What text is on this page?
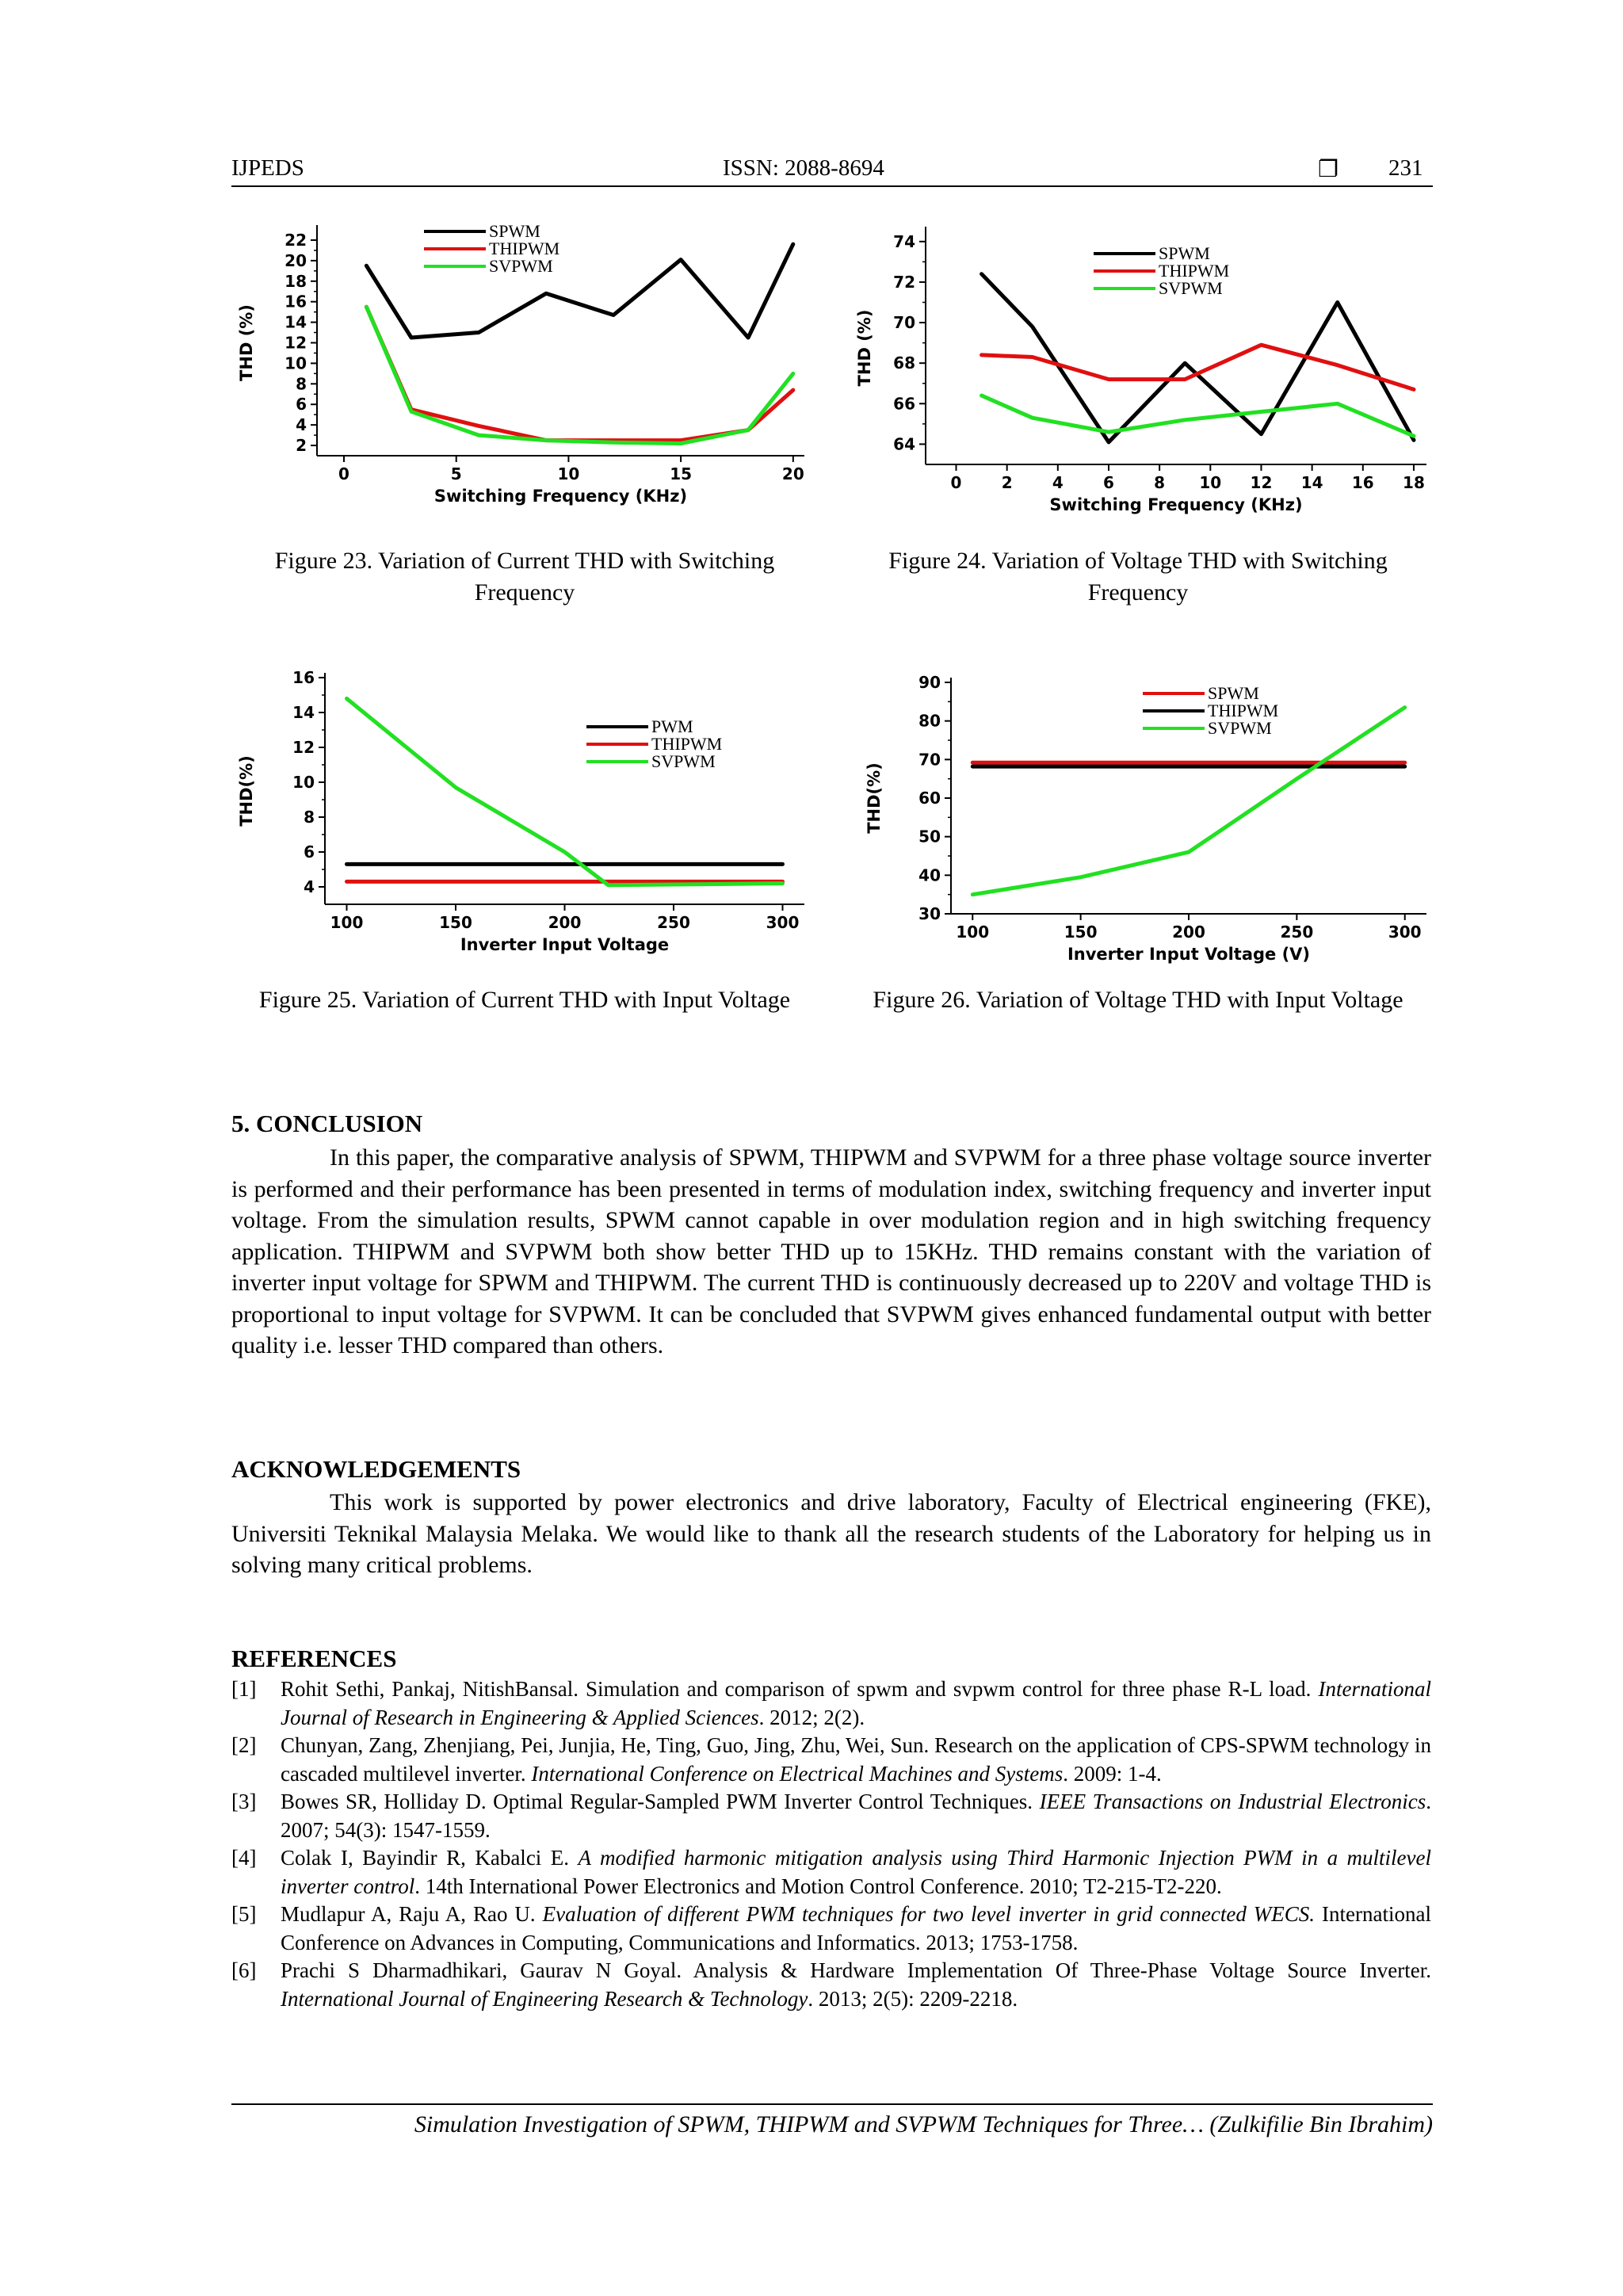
IJPEDS	ISSN: 2088-8694	❐ 231
2
4
6
8
10
12
14
16
18
20
22
0	5	10	15	20
Switching Frequency (KHz)
THD (%)
SPWM
THIPWM
SVPWM
64
66
68
70
72
74
0	2	4	6	8 10 12 14 16 18
Switching Frequency (KHz)
THD (%)
SPWM
THIPWM
SVPWM
4
6
8
10
12
14
16
100	150	200	250	300
Inverter Input Voltage
THD(%)
PWM
THIPWM
SVPWM
30
40
50
60
70
80
90
100	150	200	250	300
Inverter Input Voltage (V)
THD(%)
SPWM
THIPWM
SVPWM
Figure 23. Variation of Current THD with Switching Frequency
Figure 24. Variation of Voltage THD with Switching Frequency
Figure 25. Variation of Current THD with Input Voltage	Figure 26. Variation of Voltage THD with Input Voltage
5. CONCLUSION

In this paper, the comparative analysis of SPWM, THIPWM and SVPWM for a three phase voltage source inverter is performed and their performance has been presented in terms of modulation index, switching frequency and inverter input voltage. From the simulation results, SPWM cannot capable in over modulation region and in high switching frequency application. THIPWM and SVPWM both show better THD up to 15KHz. THD remains constant with the variation of inverter input voltage for SPWM and THIPWM. The current THD is continuously decreased up to 220V and voltage THD is proportional to input voltage for SVPWM. It can be concluded that SVPWM gives enhanced fundamental output with better quality i.e. lesser THD compared than others.

ACKNOWLEDGEMENTS

This work is supported by power electronics and drive laboratory, Faculty of Electrical engineering (FKE), Universiti Teknikal Malaysia Melaka. We would like to thank all the research students of the Laboratory for helping us in solving many critical problems.

REFERENCES
[1] Rohit Sethi, Pankaj, NitishBansal. Simulation and comparison of spwm and svpwm control for three phase R-L load. International Journal of Research in Engineering & Applied Sciences. 2012; 2(2).
[2] Chunyan, Zang, Zhenjiang, Pei, Junjia, He, Ting, Guo, Jing, Zhu, Wei, Sun. Research on the application of CPS-SPWM technology in cascaded multilevel inverter. International Conference on Electrical Machines and Systems. 2009: 1-4.
[3] Bowes SR, Holliday D. Optimal Regular-Sampled PWM Inverter Control Techniques. IEEE Transactions on Industrial Electronics. 2007; 54(3): 1547-1559.
[4] Colak I, Bayindir R, Kabalci E. A modified harmonic mitigation analysis using Third Harmonic Injection PWM in a multilevel inverter control. 14th International Power Electronics and Motion Control Conference. 2010; T2-215-T2-220.
[5] Mudlapur A, Raju A, Rao U. Evaluation of different PWM techniques for two level inverter in grid connected WECS. International Conference on Advances in Computing, Communications and Informatics. 2013; 1753-1758.
[6] Prachi S Dharmadhikari, Gaurav N Goyal. Analysis & Hardware Implementation Of Three-Phase Voltage Source Inverter. International Journal of Engineering Research & Technology. 2013; 2(5): 2209-2218.
Simulation Investigation of SPWM, THIPWM and SVPWM Techniques for Three… (Zulkifilie Bin Ibrahim)
